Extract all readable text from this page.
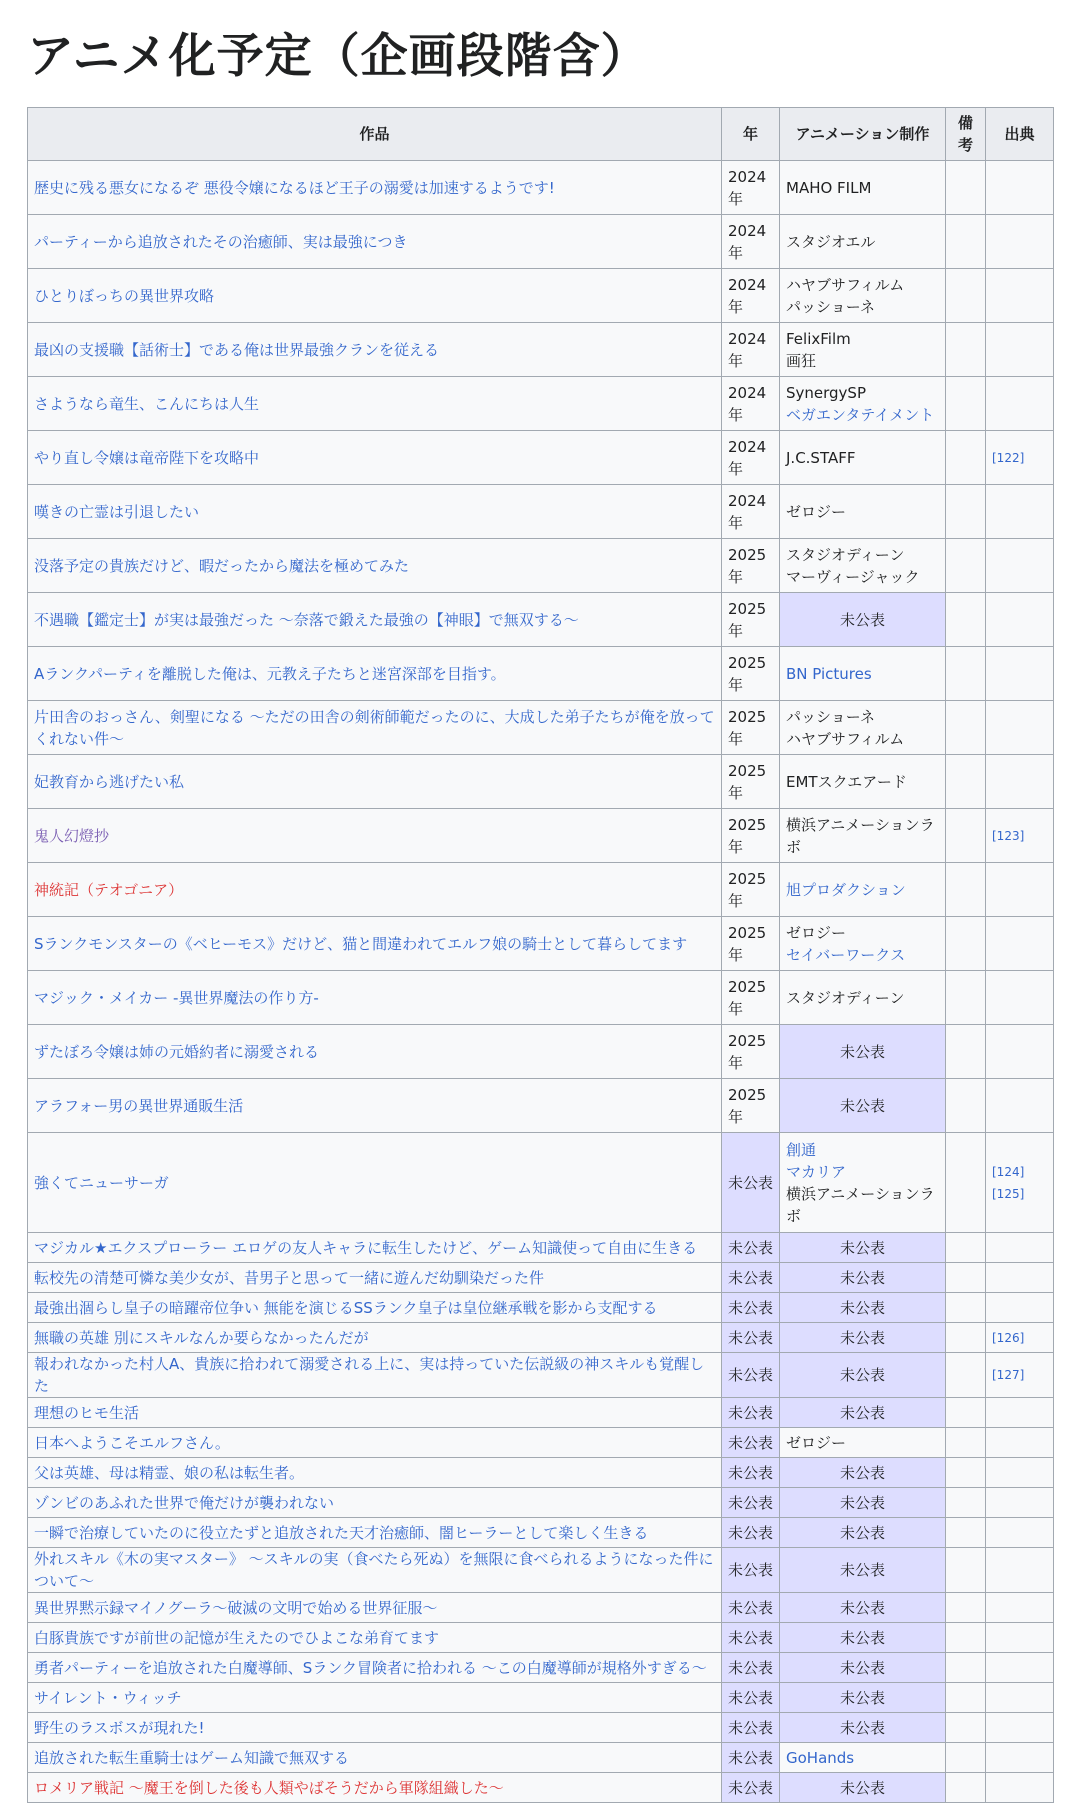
アニメ化予定（企画段階含）
作品	年	アニメーション制作	備
考	出典
歴史に残る悪女になるぞ 悪役令嬢になるほど王子の溺愛は加速するようです!	2024
年	MAHO FILM		

パーティーから追放されたその治癒師、実は最強につき	2024
年	スタジオエル		

ひとりぼっちの異世界攻略	2024
年	ハヤブサフィルム
パッショーネ		

最凶の支援職【話術士】である俺は世界最強クランを従える	2024
年	FelixFilm
画狂		

さようなら竜生、こんにちは人生	2024
年	SynergySP
ベガエンタテイメント		

やり直し令嬢は竜帝陛下を攻略中	2024
年	J.C.STAFF		[122]
嘆きの亡霊は引退したい	2024
年	ゼロジー		

没落予定の貴族だけど、暇だったから魔法を極めてみた	2025
年	スタジオディーン
マーヴィージャック		

不遇職【鑑定士】が実は最強だった 〜奈落で鍛えた最強の【神眼】で無双する〜	2025
年	未公表		
Aランクパーティを離脱した俺は、元教え子たちと迷宮深部を目指す。	2025
年	BN Pictures		

片田舎のおっさん、剣聖になる 〜ただの田舎の剣術師範だったのに、大成した弟子たちが俺を放ってくれない件〜	2025
年	パッショーネ
ハヤブサフィルム		

妃教育から逃げたい私	2025
年	EMTスクエアード		

鬼人幻燈抄	2025
年	横浜アニメーションラボ		[123]
神統記（テオゴニア）	2025
年	旭プロダクション		

Sランクモンスターの《ベヒーモス》だけど、猫と間違われてエルフ娘の騎士として暮らしてます	2025
年	ゼロジー
セイバーワークス		

マジック・メイカー -異世界魔法の作り方-	2025
年	スタジオディーン		

ずたぼろ令嬢は姉の元婚約者に溺愛される	2025
年	未公表		
アラフォー男の異世界通販生活	2025
年	未公表		
強くてニューサーガ	未公表	創通
マカリア
横浜アニメーションラボ		[124][125]
マジカル★エクスプローラー エロゲの友人キャラに転生したけど、ゲーム知識使って自由に生きる	未公表	未公表		
転校先の清楚可憐な美少女が、昔男子と思って一緒に遊んだ幼馴染だった件	未公表	未公表		
最強出涸らし皇子の暗躍帝位争い 無能を演じるSSランク皇子は皇位継承戦を影から支配する	未公表	未公表		
無職の英雄 別にスキルなんか要らなかったんだが	未公表	未公表		[126]
報われなかった村人A、貴族に拾われて溺愛される上に、実は持っていた伝説級の神スキルも覚醒した	未公表	未公表		[127]
理想のヒモ生活	未公表	未公表		
日本へようこそエルフさん。	未公表	ゼロジー		

父は英雄、母は精霊、娘の私は転生者。	未公表	未公表		
ゾンビのあふれた世界で俺だけが襲われない	未公表	未公表		
一瞬で治療していたのに役立たずと追放された天才治癒師、闇ヒーラーとして楽しく生きる	未公表	未公表		
外れスキル《木の実マスター》 〜スキルの実（食べたら死ぬ）を無限に食べられるようになった件について〜	未公表	未公表		
異世界黙示録マイノグーラ〜破滅の文明で始める世界征服〜	未公表	未公表		
白豚貴族ですが前世の記憶が生えたのでひよこな弟育てます	未公表	未公表		
勇者パーティーを追放された白魔導師、Sランク冒険者に拾われる 〜この白魔導師が規格外すぎる〜	未公表	未公表		
サイレント・ウィッチ	未公表	未公表		
野生のラスボスが現れた!	未公表	未公表		
追放された転生重騎士はゲーム知識で無双する	未公表	GoHands		

ロメリア戦記 〜魔王を倒した後も人類やばそうだから軍隊組織した〜	未公表	未公表		
